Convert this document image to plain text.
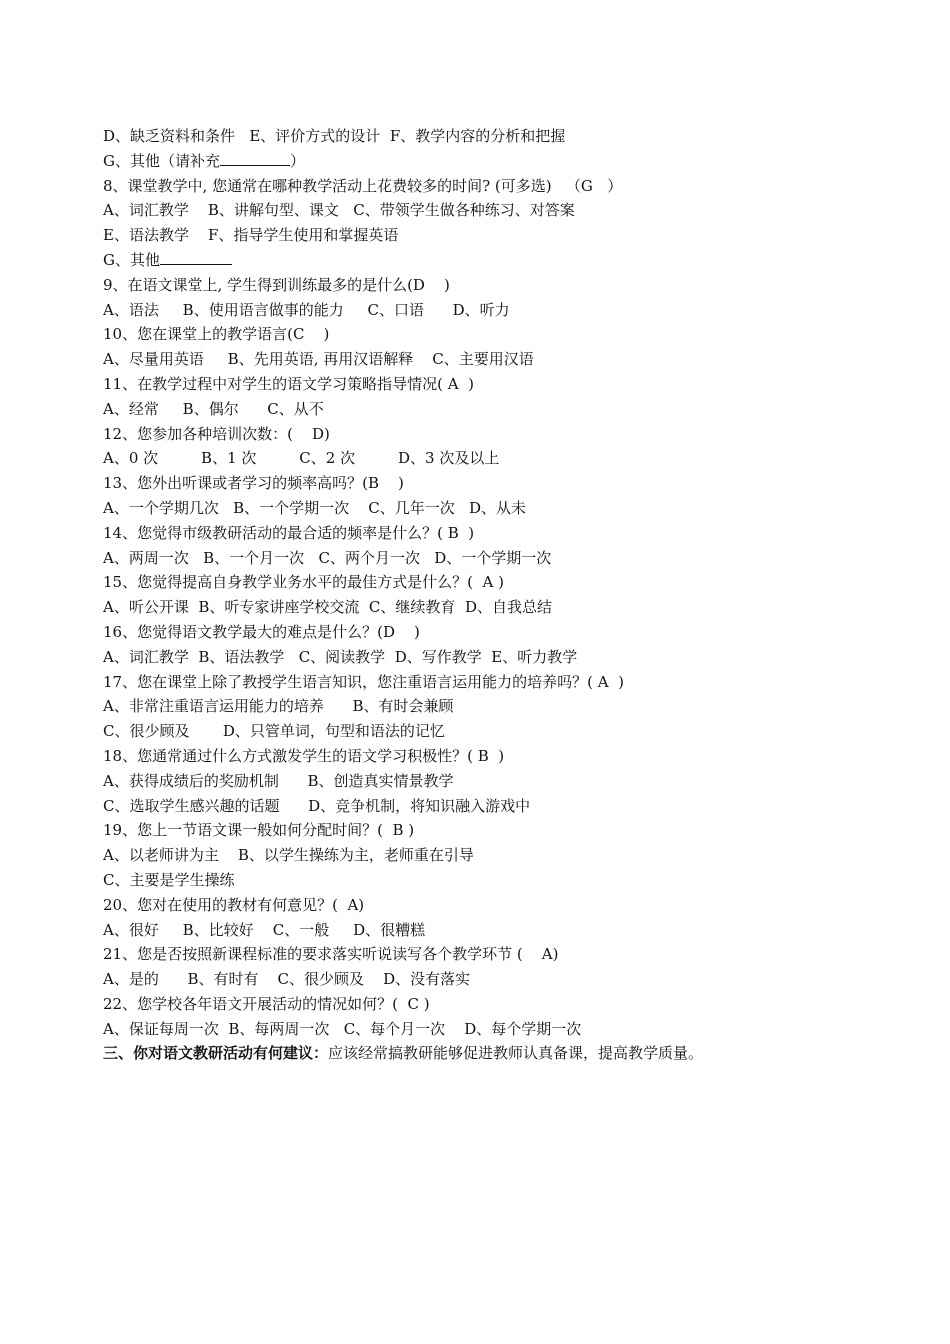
D、缺乏资料和条件   E、评价方式的设计  F、教学内容的分析和把握
G、其他（请补充	）
8、课堂教学中, 您通常在哪种教学活动上花费较多的时间? (可多选)   （G   ）
A、词汇教学    B、讲解句型、课文   C、带领学生做各种练习、对答案
E、语法教学    F、指导学生使用和掌握英语
G、其他
9、在语文课堂上, 学生得到训练最多的是什么(D    )
A、语法     B、使用语言做事的能力     C、口语      D、听力
10、您在课堂上的教学语言(C    )
A、尽量用英语     B、先用英语, 再用汉语解释    C、主要用汉语
11、在教学过程中对学生的语文学习策略指导情况( A  )
A、经常     B、偶尔      C、从不
12、您参加各种培训次数：(    D)
A、0 次         B、1 次         C、2 次         D、3 次及以上
13、您外出听课或者学习的频率高吗？(B    )
A、一个学期几次   B、一个学期一次    C、几年一次   D、从未
14、您觉得市级教研活动的最合适的频率是什么？( B  )
A、两周一次   B、一个月一次   C、两个月一次   D、一个学期一次
15、您觉得提高自身教学业务水平的最佳方式是什么？(  A )
A、听公开课  B、听专家讲座学校交流  C、继续教育  D、自我总结
16、您觉得语文教学最大的难点是什么？(D    )
A、词汇教学  B、语法教学   C、阅读教学  D、写作教学  E、听力教学
17、您在课堂上除了教授学生语言知识，您注重语言运用能力的培养吗？( A  )
A、非常注重语言运用能力的培养      B、有时会兼顾
C、很少顾及       D、只管单词，句型和语法的记忆
18、您通常通过什么方式激发学生的语文学习积极性？( B  )
A、获得成绩后的奖励机制      B、创造真实情景教学
C、选取学生感兴趣的话题      D、竞争机制，将知识融入游戏中
19、您上一节语文课一般如何分配时间？(  B )
A、以老师讲为主    B、以学生操练为主，老师重在引导
C、主要是学生操练
20、您对在使用的教材有何意见？(  A)
A、很好     B、比较好    C、一般     D、很糟糕
21、您是否按照新课程标准的要求落实听说读写各个教学环节 (    A)
A、是的      B、有时有    C、很少顾及    D、没有落实
22、您学校各年语文开展活动的情况如何？(  C )
A、保证每周一次  B、每两周一次   C、每个月一次    D、每个学期一次
三、你对语文教研活动有何建议：应该经常搞教研能够促进教师认真备课，提高教学质量。
